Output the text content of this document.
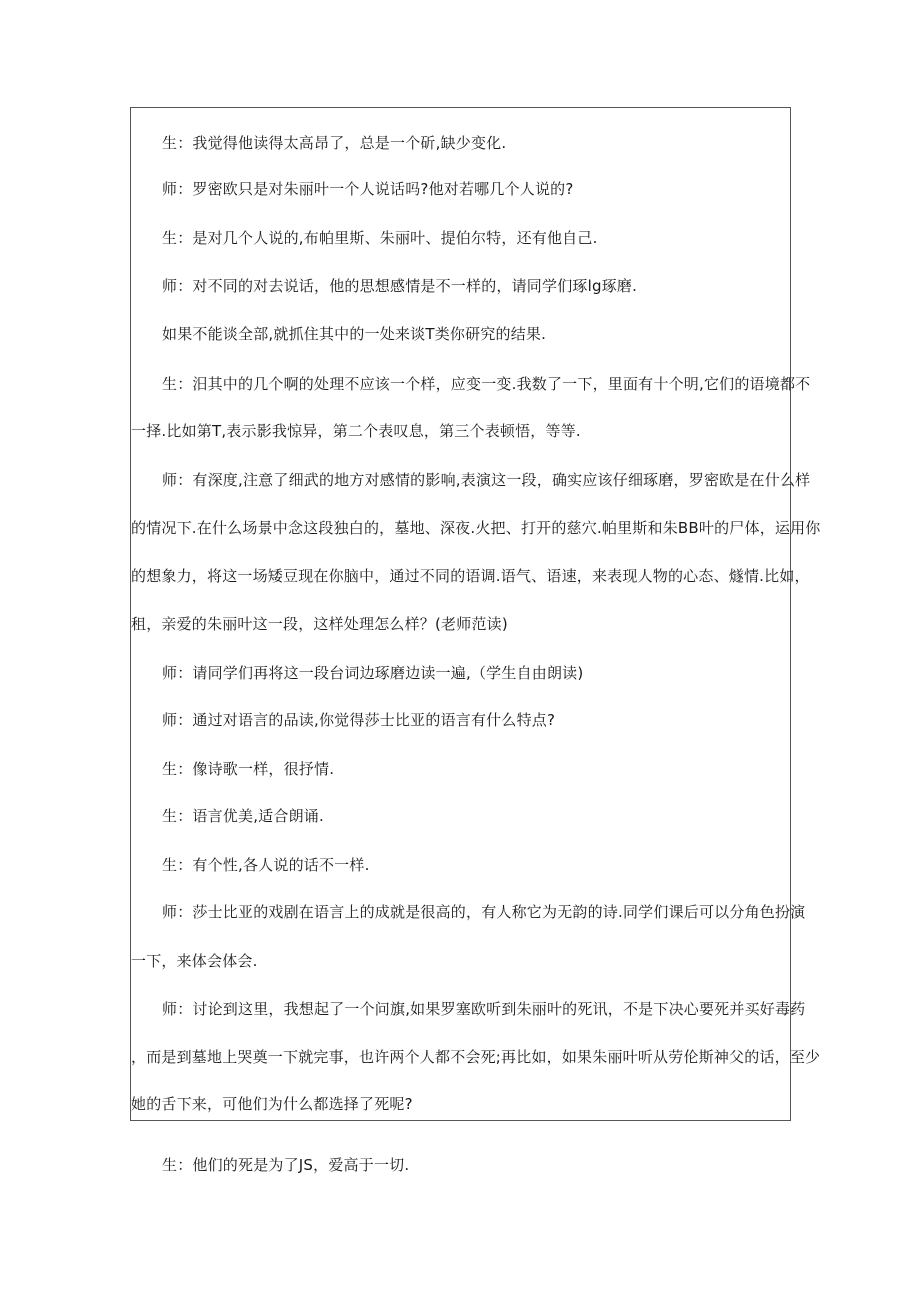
生：我觉得他读得太高昂了，总是一个斫,缺少变化.
师：罗密欧只是对朱丽叶一个人说话吗?他对若哪几个人说的?
生：是对几个人说的,布帕里斯、朱丽叶、提伯尔特，还有他自己.
师：对不同的对去说话，他的思想感情是不一样的，请同学们琢lg琢磨.
如果不能谈全部,就抓住其中的一处来谈T类你研究的结果.
生：汨其中的几个啊的处理不应该一个样，应变一变.我数了一下，里面有十个明,它们的语境都不
一择.比如第T,表示影我惊异，第二个表叹息，第三个表顿悟，等等.
师：有深度,注意了细武的地方对感情的影响,表演这一段，确实应该仔细琢磨，罗密欧是在什么样
的情况下.在什么场景中念这段独白的，墓地、深夜.火把、打开的慈穴.帕里斯和朱BB叶的尸体，运用你
的想象力，将这一场矮豆现在你脑中，通过不同的语调.语气、语速，来表现人物的心态、燧情.比如，
租，亲爱的朱丽叶这一段，这样处理怎么样？(老师范读)
师：请同学们再将这一段台词边琢磨边读一遍,（学生自由朗读)
师：通过对语言的品读,你觉得莎士比亚的语言有什么特点?
生：像诗歌一样，很抒情.
生：语言优美,适合朗诵.
生：有个性,各人说的话不一样.
师：莎士比亚的戏剧在语言上的成就是很高的，有人称它为无韵的诗.同学们课后可以分角色扮演
一下，来体会体会.
师：讨论到这里，我想起了一个问旗,如果罗塞欧听到朱丽叶的死讯，不是下决心要死并买好毒药
，而是到墓地上哭奠一下就完事，也许两个人都不会死;再比如，如果朱丽叶听从劳伦斯神父的话，至少
她的舌下来，可他们为什么都选择了死呢?
生：他们的死是为了JS，爱高于一切.
